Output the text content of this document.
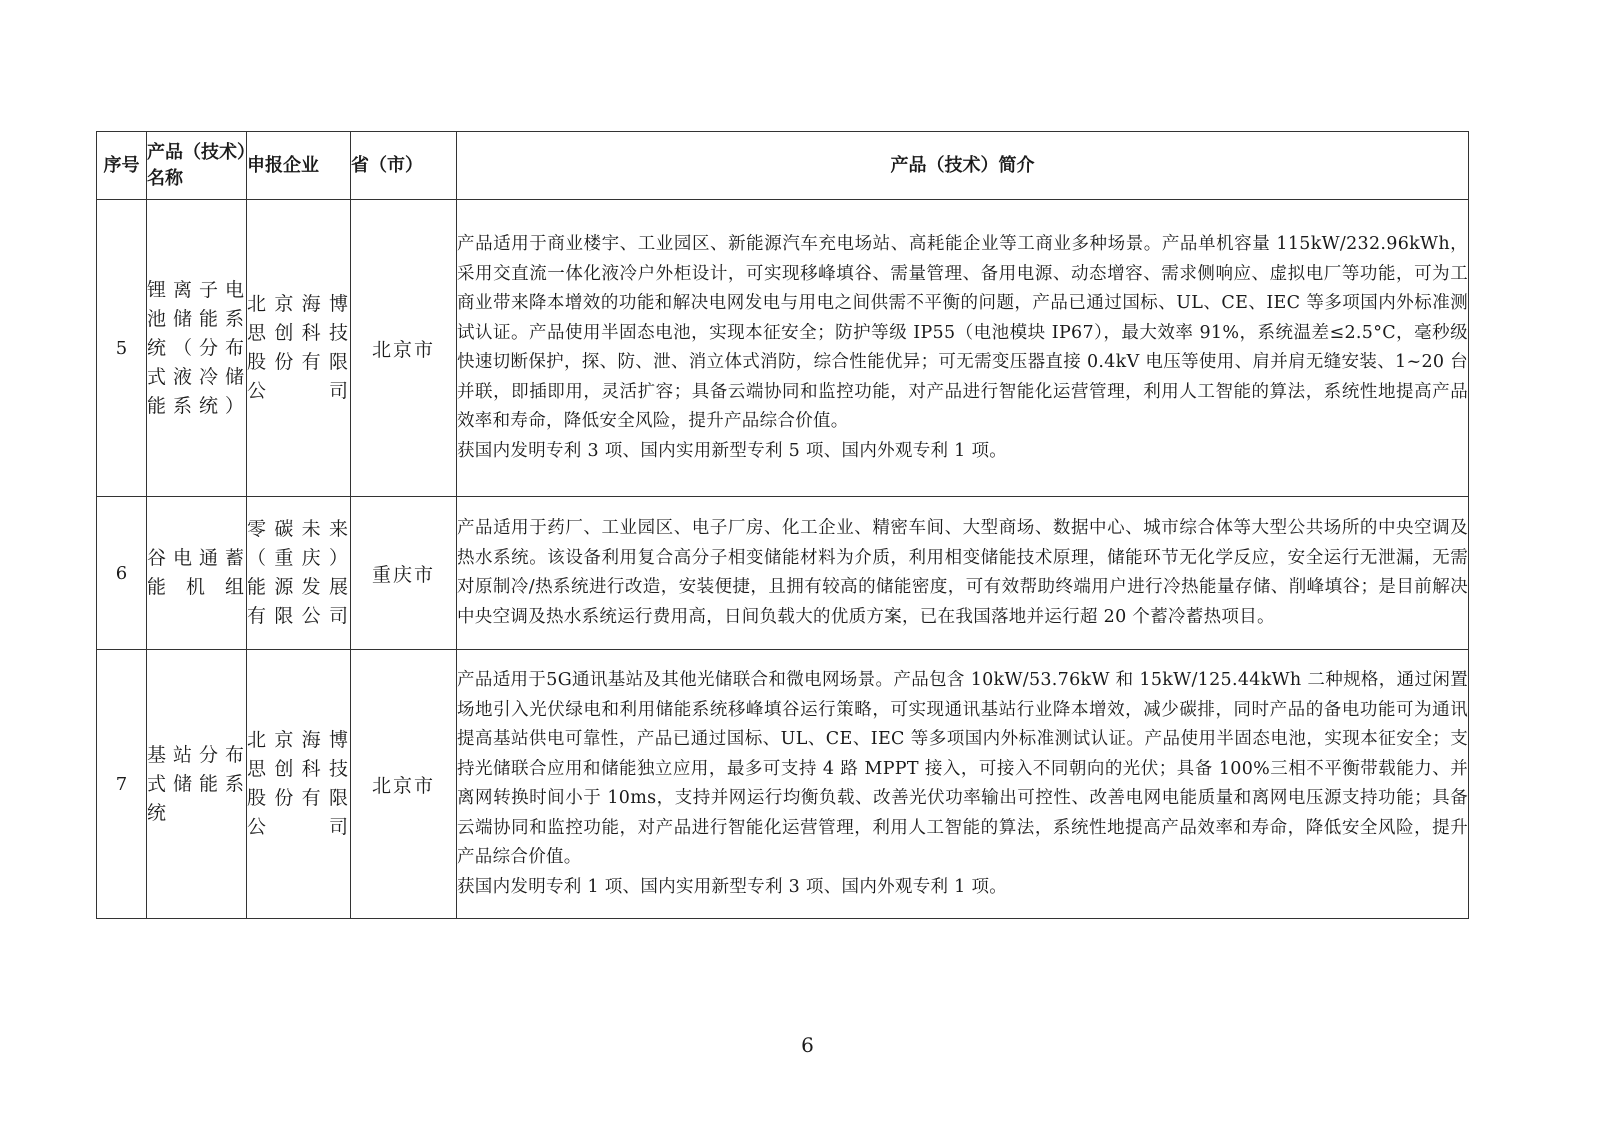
序号	产品（技术）名称	申报企业	省（市）	产品（技术）简介
5	锂离子电池储能系统（分布式液冷储能系统）	北京海博思创科技股份有限公司	北京市	产品适用于商业楼宇、工业园区、新能源汽车充电场站、高耗能企业等工商业多种场景。产品单机容量 115kW/232.96kWh，采用交直流一体化液冷户外柜设计，可实现移峰填谷、需量管理、备用电源、动态增容、需求侧响应、虚拟电厂等功能，可为工商业带来降本增效的功能和解决电网发电与用电之间供需不平衡的问题，产品已通过国标、UL、CE、IEC 等多项国内外标准测试认证。产品使用半固态电池，实现本征安全；防护等级 IP55（电池模块 IP67），最大效率 91%，系统温差≤2.5°C，毫秒级快速切断保护，探、防、泄、消立体式消防，综合性能优异；可无需变压器直接 0.4kV 电压等使用、肩并肩无缝安装、1~20 台并联，即插即用，灵活扩容；具备云端协同和监控功能，对产品进行智能化运营管理，利用人工智能的算法，系统性地提高产品效率和寿命，降低安全风险，提升产品综合价值。

获国内发明专利 3 项、国内实用新型专利 5 项、国内外观专利 1 项。

6	谷电通蓄能机组	零碳未来（重庆）能源发展有限公司	重庆市	产品适用于药厂、工业园区、电子厂房、化工企业、精密车间、大型商场、数据中心、城市综合体等大型公共场所的中央空调及热水系统。该设备利用复合高分子相变储能材料为介质，利用相变储能技术原理，储能环节无化学反应，安全运行无泄漏，无需对原制冷/热系统进行改造，安装便捷，且拥有较高的储能密度，可有效帮助终端用户进行冷热能量存储、削峰填谷；是目前解决中央空调及热水系统运行费用高，日间负载大的优质方案，已在我国落地并运行超 20 个蓄冷蓄热项目。

7	基站分布式储能系统	北京海博思创科技股份有限公司	北京市	产品适用于5G通讯基站及其他光储联合和微电网场景。产品包含 10kW/53.76kW 和 15kW/125.44kWh 二种规格，通过闲置场地引入光伏绿电和利用储能系统移峰填谷运行策略，可实现通讯基站行业降本增效，减少碳排，同时产品的备电功能可为通讯提高基站供电可靠性，产品已通过国标、UL、CE、IEC 等多项国内外标准测试认证。产品使用半固态电池，实现本征安全；支持光储联合应用和储能独立应用，最多可支持 4 路 MPPT 接入，可接入不同朝向的光伏；具备 100%三相不平衡带载能力、并离网转换时间小于 10ms，支持并网运行均衡负载、改善光伏功率输出可控性、改善电网电能质量和离网电压源支持功能；具备云端协同和监控功能，对产品进行智能化运营管理，利用人工智能的算法，系统性地提高产品效率和寿命，降低安全风险，提升产品综合价值。

获国内发明专利 1 项、国内实用新型专利 3 项、国内外观专利 1 项。

6
